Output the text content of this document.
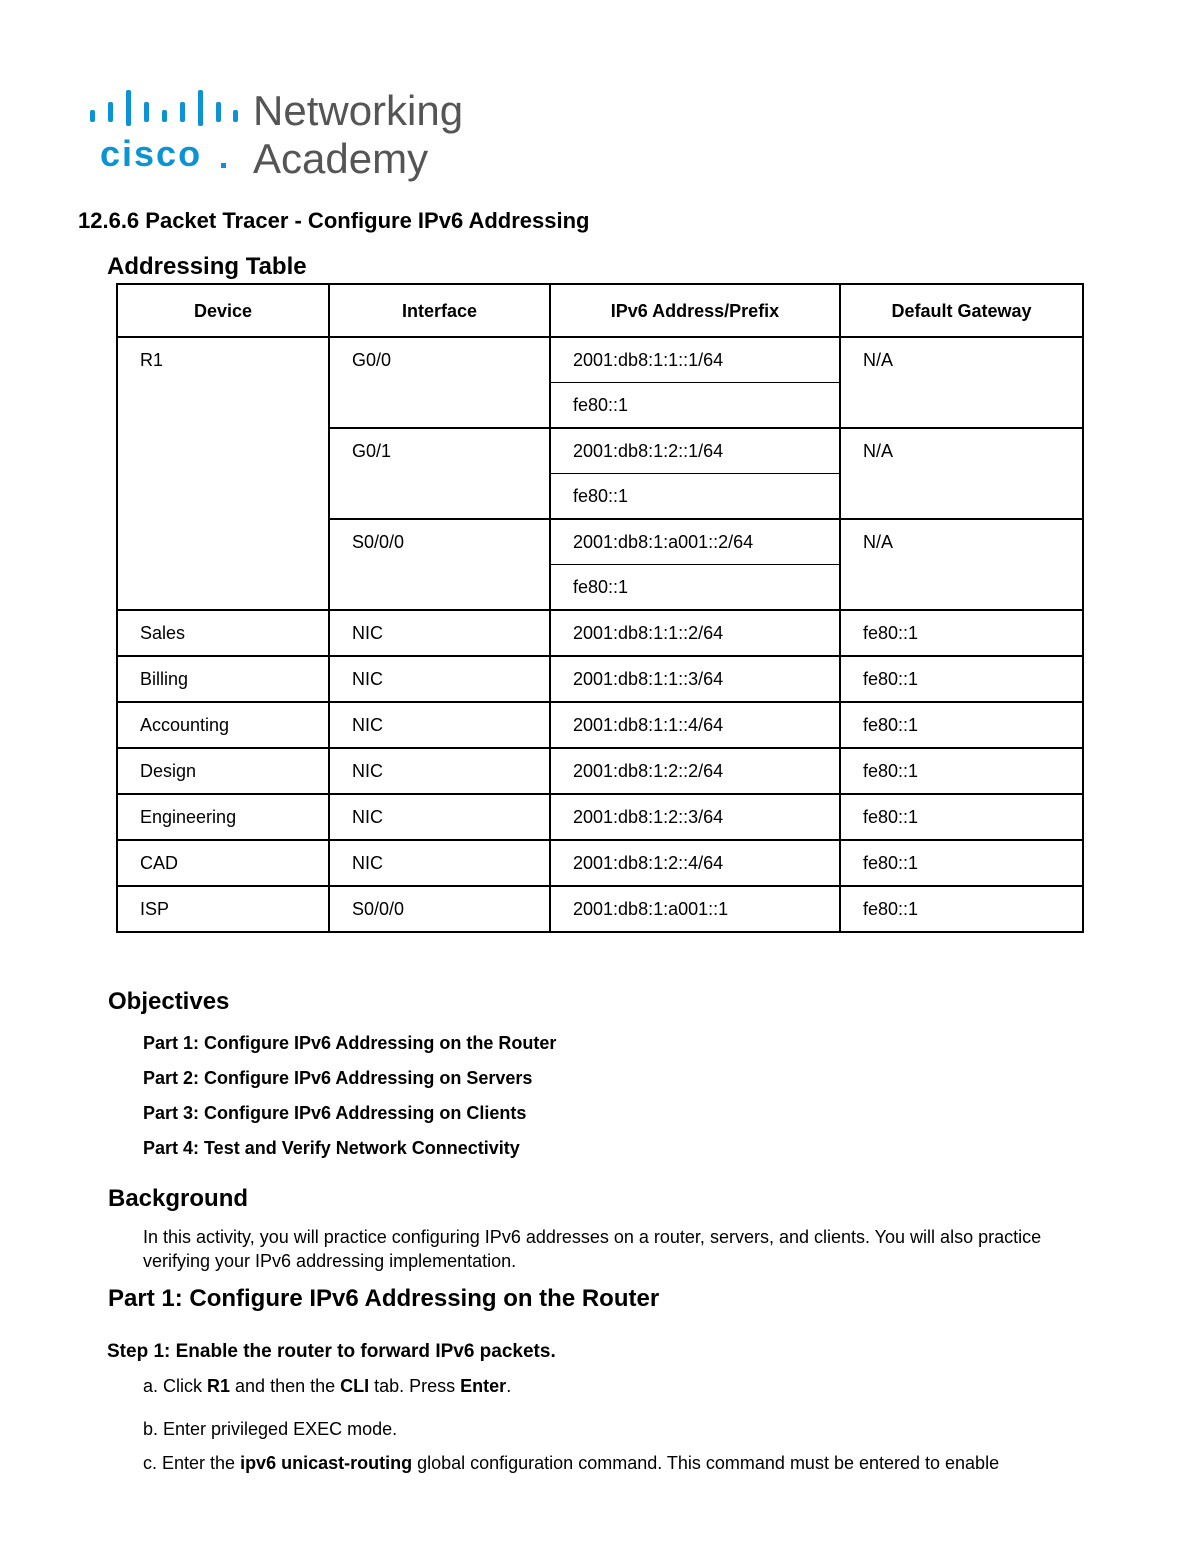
cisco
Networking
Academy
12.6.6 Packet Tracer - Configure IPv6 Addressing
Addressing Table
Device	Interface	IPv6 Address/Prefix	Default Gateway
R1	G0/0	2001:db8:1:1::1/64	N/A
		fe80::1	
	G0/1	2001:db8:1:2::1/64	N/A
		fe80::1	
	S0/0/0	2001:db8:1:a001::2/64	N/A
		fe80::1	
Sales	NIC	2001:db8:1:1::2/64	fe80::1
Billing	NIC	2001:db8:1:1::3/64	fe80::1
Accounting	NIC	2001:db8:1:1::4/64	fe80::1
Design	NIC	2001:db8:1:2::2/64	fe80::1
Engineering	NIC	2001:db8:1:2::3/64	fe80::1
CAD	NIC	2001:db8:1:2::4/64	fe80::1
ISP	S0/0/0	2001:db8:1:a001::1	fe80::1
Objectives
Part 1: Configure IPv6 Addressing on the Router
Part 2: Configure IPv6 Addressing on Servers
Part 3: Configure IPv6 Addressing on Clients
Part 4: Test and Verify Network Connectivity
Background
In this activity, you will practice configuring IPv6 addresses on a router, servers, and clients. You will also practice verifying your IPv6 addressing implementation.
Part 1: Configure IPv6 Addressing on the Router
Step 1: Enable the router to forward IPv6 packets.
a. Click R1 and then the CLI tab. Press Enter.
b. Enter privileged EXEC mode.
c. Enter the ipv6 unicast-routing global configuration command. This command must be entered to enable
